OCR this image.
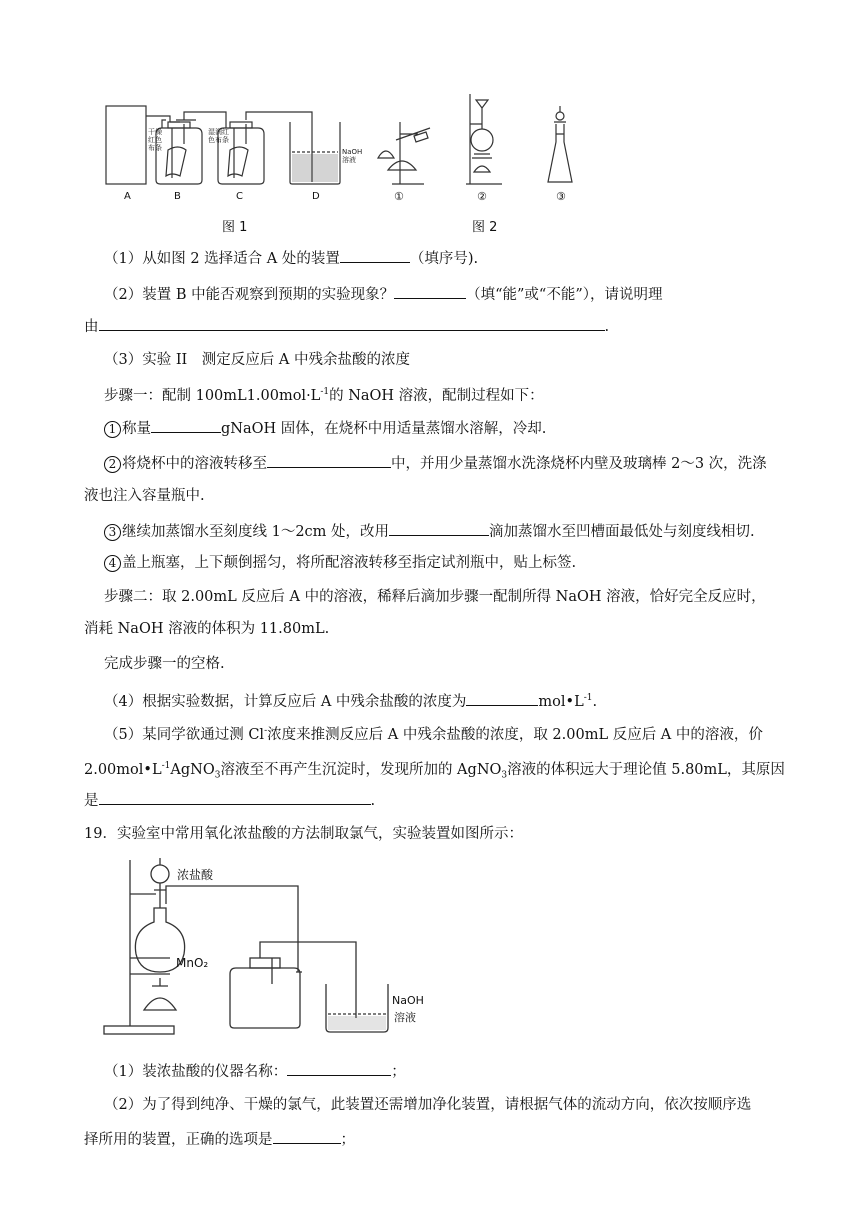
干燥红色布条
湿润红色布条
NaOH溶液
A	B	C	D
图 1
①	②	③
图 2
（1）从如图 2 选择适合 A 处的装置	（填序号).
（2）装置 B 中能否观察到预期的实验现象？	（填“能”或“不能”），请说明理
由	.
（3）实验 II　测定反应后 A 中残余盐酸的浓度
步骤一：配制 $100mL1.00mol\cdot L^{-1}$的 NaOH 溶液，配制过程如下：
1 称量	gNaOH 固体，在烧杯中用适量蒸馏水溶解，冷却.
2 将烧杯中的溶液转移至	中，并用少量蒸馏水洗涤烧杯内壁及玻璃棒 2～3 次，洗涤
液也注入容量瓶中.
3 继续加蒸馏水至刻度线 1～2cm 处，改用	滴加蒸馏水至凹槽面最低处与刻度线相切.
4 盖上瓶塞，上下颠倒摇匀，将所配溶液转移至指定试剂瓶中，贴上标签.
步骤二：取 2.00mL 反应后 A 中的溶液，稀释后滴加步骤一配制所得 NaOH 溶液，恰好完全反应时，
消耗 NaOH 溶液的体积为 11.80mL.
完成步骤一的空格.
（4）根据实验数据，计算反应后 A 中残余盐酸的浓度为	$mol•L^{-1}$.
（5）某同学欲通过测 Cl-浓度来推测反应后 A 中残余盐酸的浓度，取 2.00mL 反应后 A 中的溶液，价
$2.00mol•L^{-1}AgNO_3$溶液至不再产生沉淀时，发现所加的 AgNO$_3$溶液的体积远大于理论值 5.80mL，其原因
是	.
19．实验室中常用氧化浓盐酸的方法制取氯气，实验装置如图所示：
浓盐酸
MnO₂
NaOH
溶液
（1）装浓盐酸的仪器名称：	；
（2）为了得到纯净、干燥的氯气，此装置还需增加净化装置，请根据气体的流动方向，依次按顺序选
择所用的装置，正确的选项是	；
